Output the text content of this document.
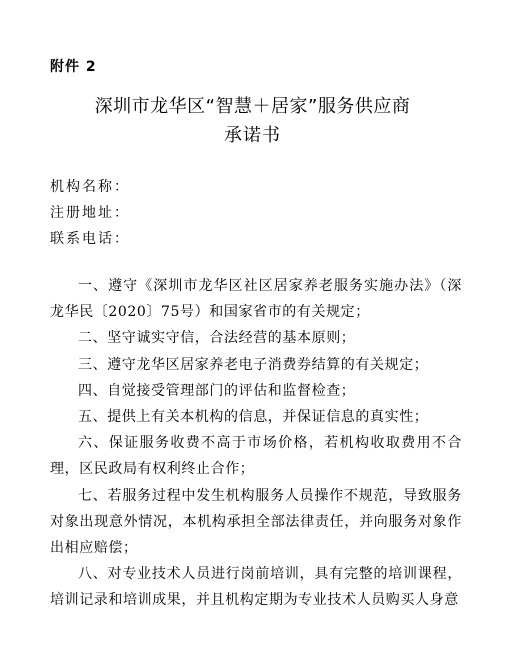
附件 2
深圳市龙华区“智慧＋居家”服务供应商
承诺书
机构名称：
注册地址：
联系电话：

一、遵守《深圳市龙华区社区居家养老服务实施办法》（深龙华民〔2020〕75号）和国家省市的有关规定；

二、坚守诚实守信，合法经营的基本原则；

三、遵守龙华区居家养老电子消费券结算的有关规定；

四、自觉接受管理部门的评估和监督检查；

五、提供上有关本机构的信息，并保证信息的真实性；

六、保证服务收费不高于市场价格，若机构收取费用不合理，区民政局有权利终止合作；

七、若服务过程中发生机构服务人员操作不规范，导致服务对象出现意外情况，本机构承担全部法律责任，并向服务对象作出相应赔偿；

八、对专业技术人员进行岗前培训，具有完整的培训课程，培训记录和培训成果，并且机构定期为专业技术人员购买人身意
